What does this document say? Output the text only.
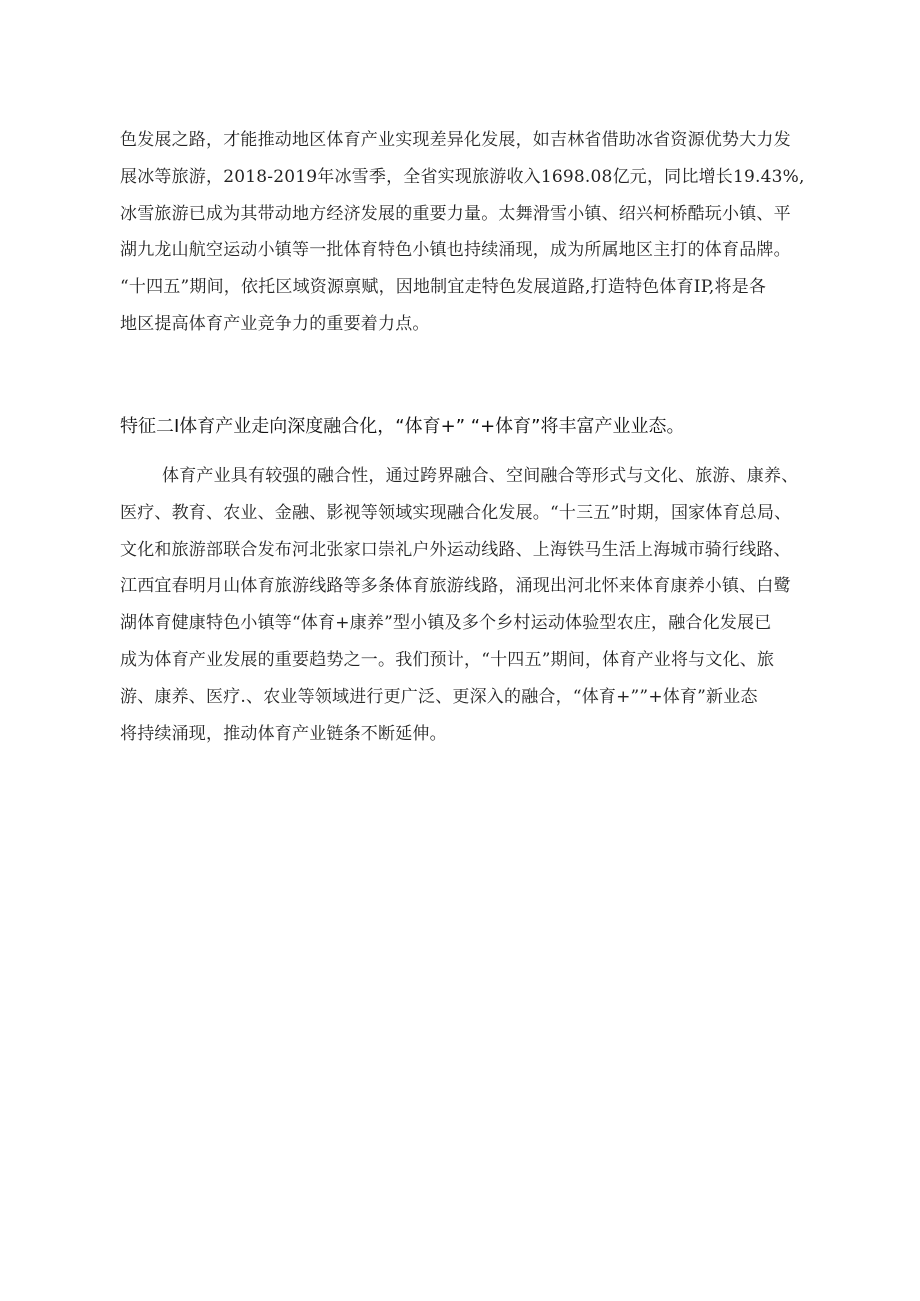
色发展之路，才能推动地区体育产业实现差异化发展，如吉林省借助冰省资源优势大力发
展冰等旅游，2018-2019年冰雪季，全省实现旅游收入1698.08亿元，同比增长19.43%,
冰雪旅游已成为其带动地方经济发展的重要力量。太舞滑雪小镇、绍兴柯桥酷玩小镇、平
湖九龙山航空运动小镇等一批体育特色小镇也持续涌现，成为所属地区主打的体育品牌。
“十四五”期间，依托区域资源禀赋，因地制宜走特色发展道路,打造特色体育IP,将是各
地区提高体育产业竞争力的重要着力点。
特征二I体育产业走向深度融合化，“体育+” “+体育”将丰富产业业态。
体育产业具有较强的融合性，通过跨界融合、空间融合等形式与文化、旅游、康养、
医疗、教育、农业、金融、影视等领域实现融合化发展。“十三五”时期，国家体育总局、
文化和旅游部联合发布河北张家口崇礼户外运动线路、上海铁马生活上海城市骑行线路、
江西宜春明月山体育旅游线路等多条体育旅游线路，涌现出河北怀来体育康养小镇、白鹭
湖体育健康特色小镇等“体育+康养”型小镇及多个乡村运动体验型农庄，融合化发展已
成为体育产业发展的重要趋势之一。我们预计，“十四五”期间，体育产业将与文化、旅
游、康养、医疗.、农业等领域进行更广泛、更深入的融合，“体育+””+体育”新业态
将持续涌现，推动体育产业链条不断延伸。
